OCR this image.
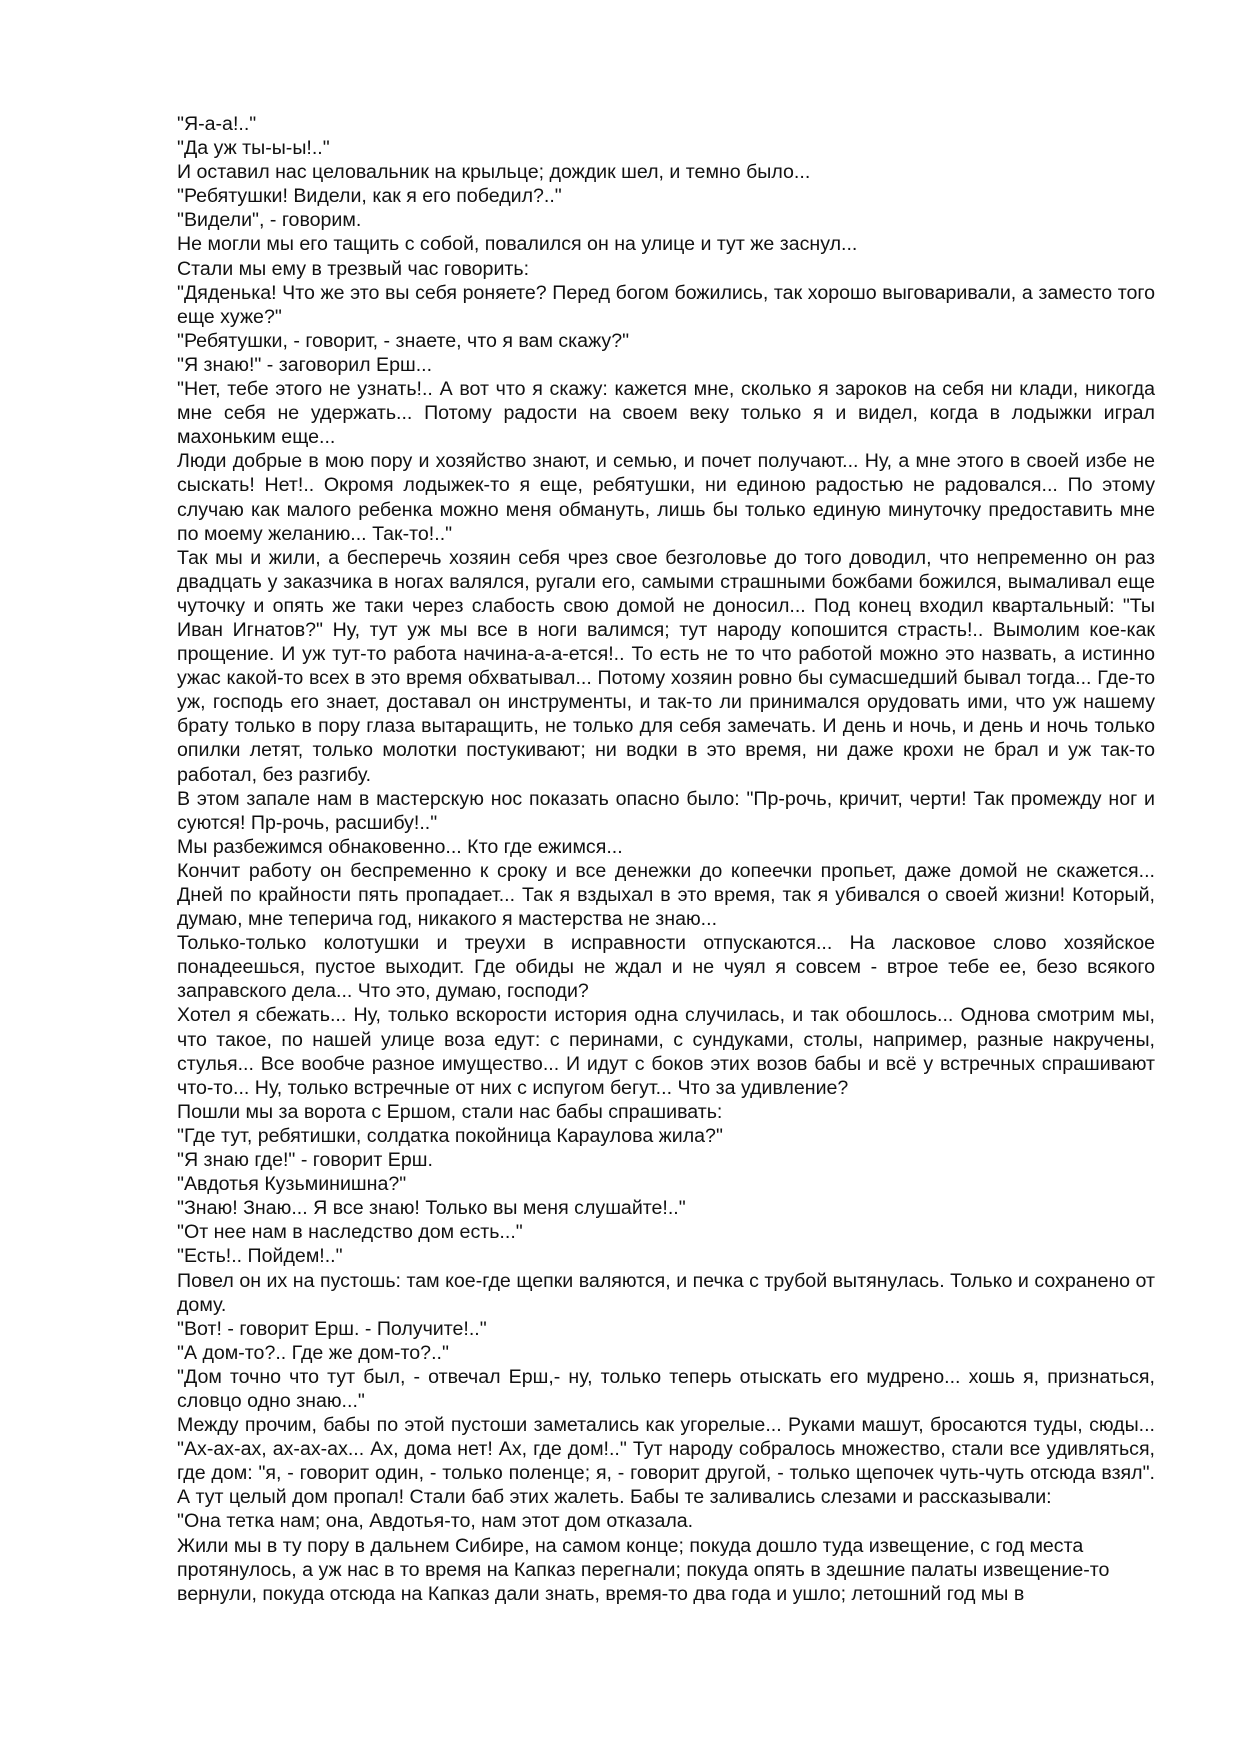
"Я-а-а!.."

"Да уж ты-ы-ы!.."

И оставил нас целовальник на крыльце; дождик шел, и темно было...

"Ребятушки! Видели, как я его победил?.."

"Видели", - говорим.

Не могли мы его тащить с собой, повалился он на улице и тут же заснул...

Стали мы ему в трезвый час говорить:

"Дяденька! Что же это вы себя роняете? Перед богом божились, так хорошо выговаривали, а заместо того еще хуже?"

"Ребятушки, - говорит, - знаете, что я вам скажу?"

"Я знаю!" - заговорил Ерш...

"Нет, тебе этого не узнать!.. А вот что я скажу: кажется мне, сколько я зароков на себя ни клади, никогда мне себя не удержать... Потому радости на своем веку только я и видел, когда в лодыжки играл махоньким еще...

Люди добрые в мою пору и хозяйство знают, и семью, и почет получают... Ну, а мне этого в своей избе не сыскать! Нет!.. Окромя лодыжек-то я еще, ребятушки, ни единою радостью не радовался... По этому случаю как малого ребенка можно меня обмануть, лишь бы только единую минуточку предоставить мне по моему желанию... Так-то!.."

Так мы и жили, а бесперечь хозяин себя чрез свое безголовье до того доводил, что непременно он раз двадцать у заказчика в ногах валялся, ругали его, самыми страшными божбами божился, вымаливал еще чуточку и опять же таки через слабость свою домой не доносил... Под конец входил квартальный: "Ты Иван Игнатов?" Ну, тут уж мы все в ноги валимся; тут народу копошится страсть!.. Вымолим кое-как прощение. И уж тут-то работа начина-а-а-ется!.. То есть не то что работой можно это назвать, а истинно ужас какой-то всех в это время обхватывал... Потому хозяин ровно бы сумасшедший бывал тогда... Где-то уж, господь его знает, доставал он инструменты, и так-то ли принимался орудовать ими, что уж нашему брату только в пору глаза вытаращить, не только для себя замечать. И день и ночь, и день и ночь только опилки летят, только молотки постукивают; ни водки в это время, ни даже крохи не брал и уж так-то работал, без разгибу.

В этом запале нам в мастерскую нос показать опасно было: "Пр-рочь, кричит, черти! Так промежду ног и суются! Пр-рочь, расшибу!.."

Мы разбежимся обнаковенно... Кто где ежимся...

Кончит работу он беспременно к сроку и все денежки до копеечки пропьет, даже домой не скажется... Дней по крайности пять пропадает... Так я вздыхал в это время, так я убивался о своей жизни! Который, думаю, мне теперича год, никакого я мастерства не знаю...

Только-только колотушки и треухи в исправности отпускаются... На ласковое слово хозяйское понадеешься, пустое выходит. Где обиды не ждал и не чуял я совсем - втрое тебе ее, безо всякого заправского дела... Что это, думаю, господи?

Хотел я сбежать... Ну, только вскорости история одна случилась, и так обошлось... Однова смотрим мы, что такое, по нашей улице воза едут: с перинами, с сундуками, столы, например, разные накручены, стулья... Все вообче разное имущество... И идут с боков этих возов бабы и всё у встречных спрашивают что-то... Ну, только встречные от них с испугом бегут... Что за удивление?

Пошли мы за ворота с Ершом, стали нас бабы спрашивать:

"Где тут, ребятишки, солдатка покойница Караулова жила?"

"Я знаю где!" - говорит Ерш.

"Авдотья Кузьминишна?"

"Знаю! Знаю... Я все знаю! Только вы меня слушайте!.."

"От нее нам в наследство дом есть..."

"Есть!.. Пойдем!.."

Повел он их на пустошь: там кое-где щепки валяются, и печка с трубой вытянулась. Только и сохранено от дому.

"Вот! - говорит Ерш. - Получите!.."

"А дом-то?.. Где же дом-то?.."

"Дом точно что тут был, - отвечал Ерш,- ну, только теперь отыскать его мудрено... хошь я, признаться, словцо одно знаю..."

Между прочим, бабы по этой пустоши заметались как угорелые... Руками машут, бросаются туды, сюды... "Ах-ах-ах, ах-ах-ах... Ах, дома нет! Ах, где дом!.." Тут народу собралось множество, стали все удивляться, где дом: "я, - говорит один, - только поленце; я, - говорит другой, - только щепочек чуть-чуть отсюда взял". А тут целый дом пропал! Стали баб этих жалеть. Бабы те заливались слезами и рассказывали:

"Она тетка нам; она, Авдотья-то, нам этот дом отказала.

Жили мы в ту пору в дальнем Сибире, на самом конце; покуда дошло туда извещение, с год места протянулось, а уж нас в то время на Капказ перегнали; покуда опять в здешние палаты извещение-то вернули, покуда отсюда на Капказ дали знать, время-то два года и ушло; летошний год мы в
